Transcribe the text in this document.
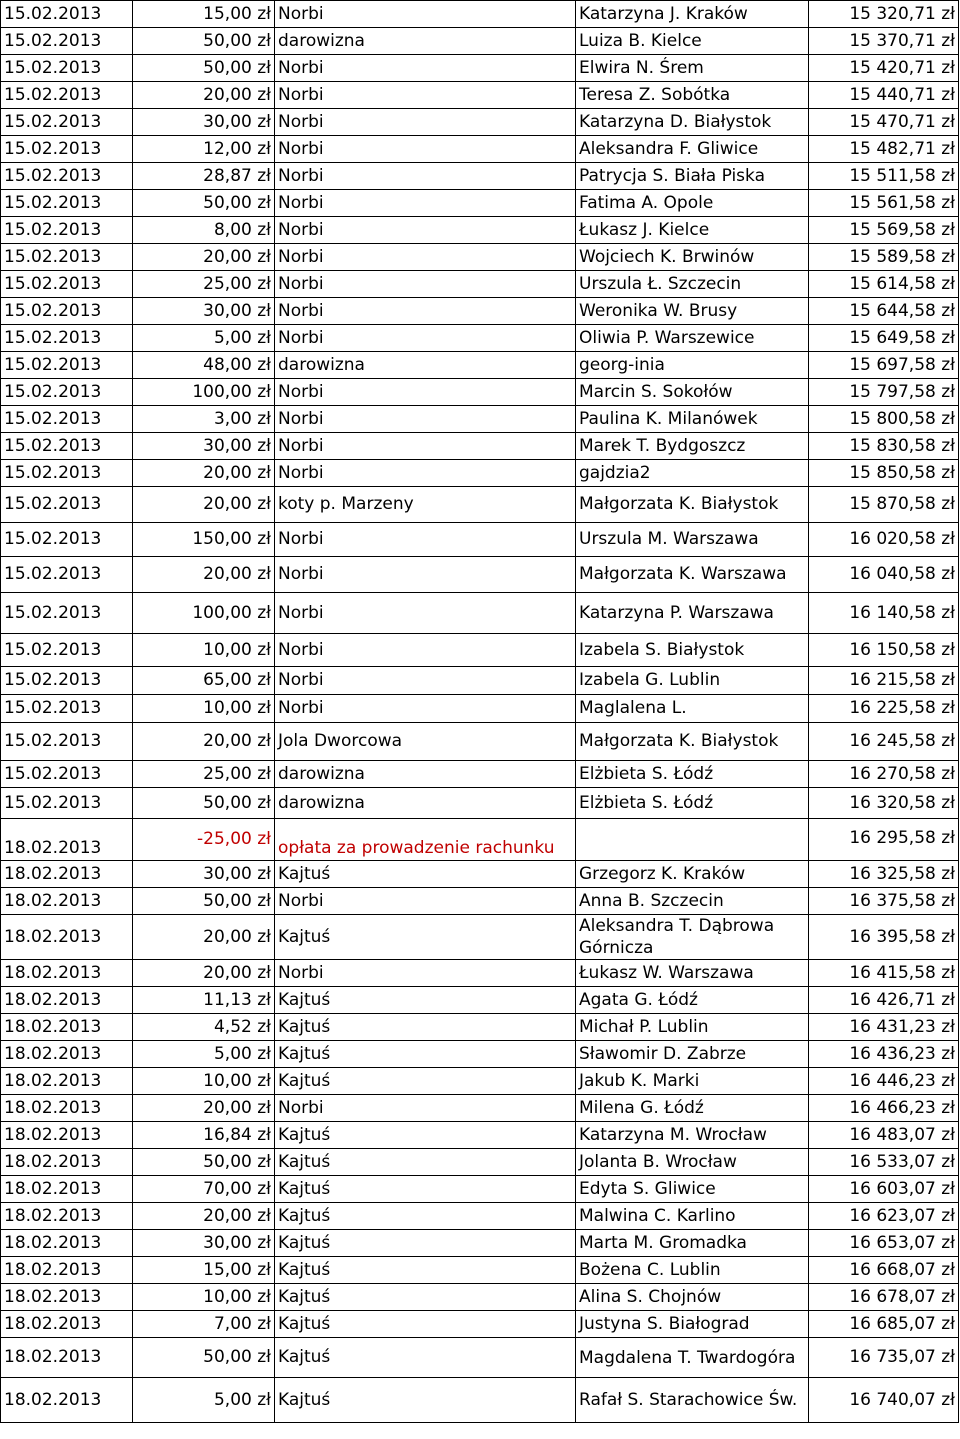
15.02.2013	15,00 zł	Norbi	Katarzyna J. Kraków	15 320,71 zł
15.02.2013	50,00 zł	darowizna	Luiza B. Kielce	15 370,71 zł
15.02.2013	50,00 zł	Norbi	Elwira N. Śrem	15 420,71 zł
15.02.2013	20,00 zł	Norbi	Teresa Z. Sobótka	15 440,71 zł
15.02.2013	30,00 zł	Norbi	Katarzyna D. Białystok	15 470,71 zł
15.02.2013	12,00 zł	Norbi	Aleksandra F. Gliwice	15 482,71 zł
15.02.2013	28,87 zł	Norbi	Patrycja S. Biała Piska	15 511,58 zł
15.02.2013	50,00 zł	Norbi	Fatima A. Opole	15 561,58 zł
15.02.2013	8,00 zł	Norbi	Łukasz J. Kielce	15 569,58 zł
15.02.2013	20,00 zł	Norbi	Wojciech K. Brwinów	15 589,58 zł
15.02.2013	25,00 zł	Norbi	Urszula Ł. Szczecin	15 614,58 zł
15.02.2013	30,00 zł	Norbi	Weronika W. Brusy	15 644,58 zł
15.02.2013	5,00 zł	Norbi	Oliwia P. Warszewice	15 649,58 zł
15.02.2013	48,00 zł	darowizna	georg-inia	15 697,58 zł
15.02.2013	100,00 zł	Norbi	Marcin S. Sokołów	15 797,58 zł
15.02.2013	3,00 zł	Norbi	Paulina K. Milanówek	15 800,58 zł
15.02.2013	30,00 zł	Norbi	Marek T. Bydgoszcz	15 830,58 zł
15.02.2013	20,00 zł	Norbi	gajdzia2	15 850,58 zł
15.02.2013	20,00 zł	koty p. Marzeny	Małgorzata K. Białystok	15 870,58 zł
15.02.2013	150,00 zł	Norbi	Urszula M. Warszawa	16 020,58 zł
15.02.2013	20,00 zł	Norbi	Małgorzata K. Warszawa	16 040,58 zł
15.02.2013	100,00 zł	Norbi	Katarzyna P. Warszawa	16 140,58 zł
15.02.2013	10,00 zł	Norbi	Izabela S. Białystok	16 150,58 zł
15.02.2013	65,00 zł	Norbi	Izabela G. Lublin	16 215,58 zł
15.02.2013	10,00 zł	Norbi	Maglalena L.	16 225,58 zł
15.02.2013	20,00 zł	Jola Dworcowa	Małgorzata K. Białystok	16 245,58 zł
15.02.2013	25,00 zł	darowizna	Elżbieta S. Łódź	16 270,58 zł
15.02.2013	50,00 zł	darowizna	Elżbieta S. Łódź	16 320,58 zł
18.02.2013	-25,00 zł	opłata za prowadzenie rachunku		16 295,58 zł
18.02.2013	30,00 zł	Kajtuś	Grzegorz K. Kraków	16 325,58 zł
18.02.2013	50,00 zł	Norbi	Anna B. Szczecin	16 375,58 zł
18.02.2013	20,00 zł	Kajtuś	Aleksandra T. Dąbrowa Górnicza	16 395,58 zł
18.02.2013	20,00 zł	Norbi	Łukasz W. Warszawa	16 415,58 zł
18.02.2013	11,13 zł	Kajtuś	Agata G. Łódź	16 426,71 zł
18.02.2013	4,52 zł	Kajtuś	Michał P. Lublin	16 431,23 zł
18.02.2013	5,00 zł	Kajtuś	Sławomir D. Zabrze	16 436,23 zł
18.02.2013	10,00 zł	Kajtuś	Jakub K. Marki	16 446,23 zł
18.02.2013	20,00 zł	Norbi	Milena G. Łódź	16 466,23 zł
18.02.2013	16,84 zł	Kajtuś	Katarzyna M. Wrocław	16 483,07 zł
18.02.2013	50,00 zł	Kajtuś	Jolanta B. Wrocław	16 533,07 zł
18.02.2013	70,00 zł	Kajtuś	Edyta S. Gliwice	16 603,07 zł
18.02.2013	20,00 zł	Kajtuś	Malwina C. Karlino	16 623,07 zł
18.02.2013	30,00 zł	Kajtuś	Marta M. Gromadka	16 653,07 zł
18.02.2013	15,00 zł	Kajtuś	Bożena C. Lublin	16 668,07 zł
18.02.2013	10,00 zł	Kajtuś	Alina S. Chojnów	16 678,07 zł
18.02.2013	7,00 zł	Kajtuś	Justyna S. Białograd	16 685,07 zł
18.02.2013	50,00 zł	Kajtuś	Magdalena T. Twardogóra	16 735,07 zł
18.02.2013	5,00 zł	Kajtuś	Rafał S. Starachowice Św.	16 740,07 zł
